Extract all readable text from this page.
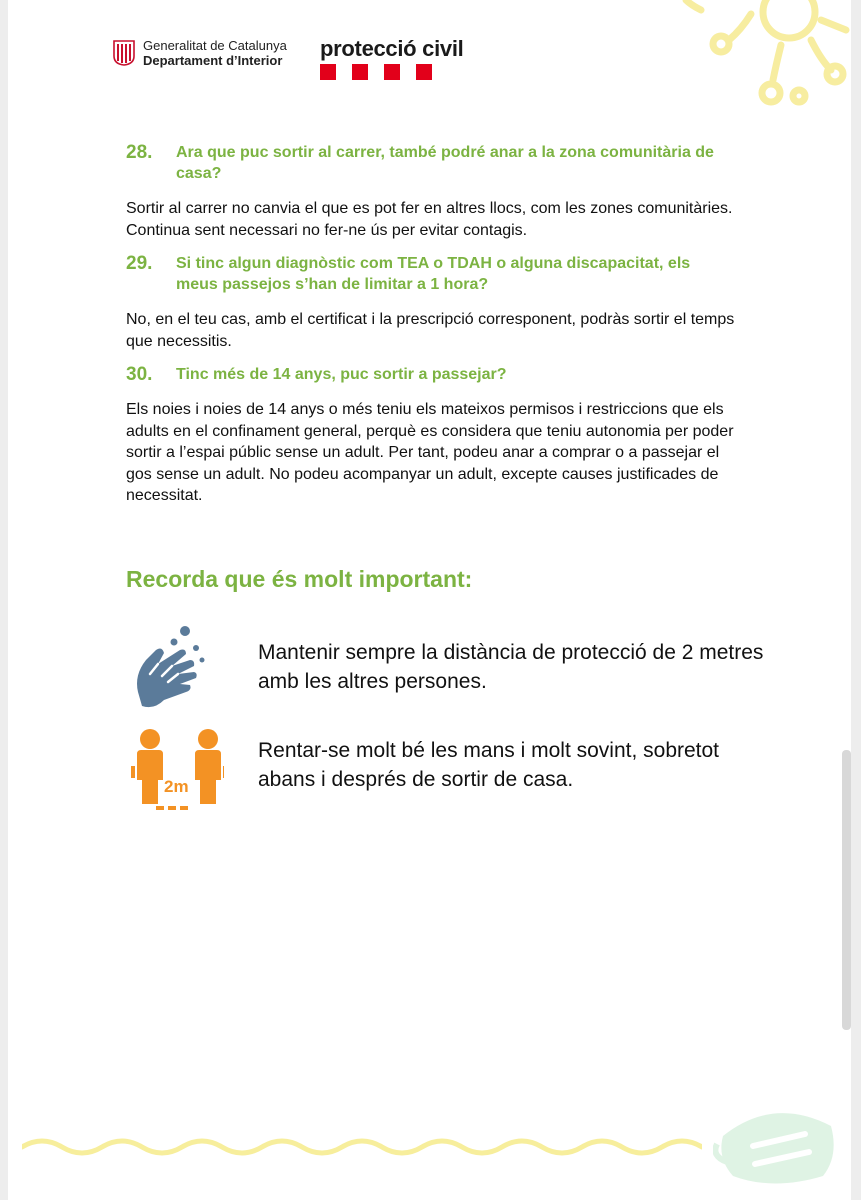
Generalitat de Catalunya
Departament d’Interior protecció civil
28.	Ara que puc sortir al carrer, també podré anar a la zona comunitària de casa?
Sortir al carrer no canvia el que es pot fer en altres llocs, com les zones comunitàries. Continua sent necessari no fer-ne ús per evitar contagis.
29.	Si tinc algun diagnòstic com TEA o TDAH o alguna discapacitat, els meus passejos s’han de limitar a 1 hora?
No, en el teu cas, amb el certificat i la prescripció corresponent, podràs sortir el temps que necessitis.
30.	Tinc més de 14 anys, puc sortir a passejar?
Els noies i noies de 14 anys o més teniu els mateixos permisos i restriccions que els adults en el confinament general, perquè es considera que teniu autonomia per poder sortir a l’espai públic sense un adult. Per tant, podeu anar a comprar o a passejar el gos sense un adult. No podeu acompanyar un adult, excepte causes justificades de necessitat.
Recorda que és molt important:
Mantenir sempre la distància de protecció de 2 metres amb les altres persones.
2m
Rentar-se molt bé les mans i molt sovint, sobretot abans i després de sortir de casa.
